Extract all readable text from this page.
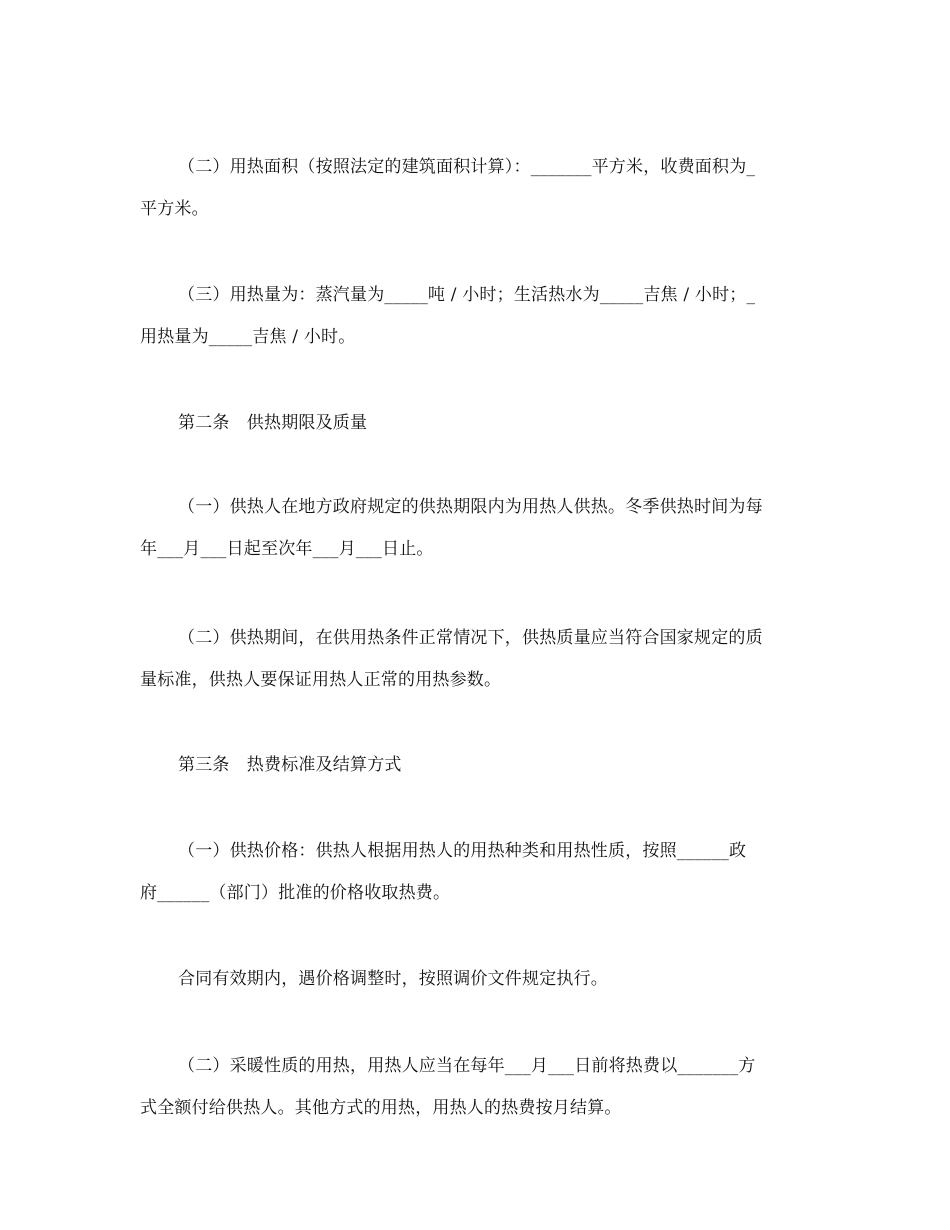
（二）用热面积（按照法定的建筑面积计算）：_______平方米，收费面积为_
平方米。
（三）用热量为：蒸汽量为_____吨 / 小时；生活热水为_____吉焦 / 小时；_
用热量为_____吉焦 / 小时。
第二条　供热期限及质量
（一）供热人在地方政府规定的供热期限内为用热人供热。冬季供热时间为每
年___月___日起至次年___月___日止。
（二）供热期间，在供用热条件正常情况下，供热质量应当符合国家规定的质
量标准，供热人要保证用热人正常的用热参数。
第三条　热费标准及结算方式
（一）供热价格：供热人根据用热人的用热种类和用热性质，按照______政
府______（部门）批准的价格收取热费。
合同有效期内，遇价格调整时，按照调价文件规定执行。
（二）采暖性质的用热，用热人应当在每年___月___日前将热费以_______方
式全额付给供热人。其他方式的用热，用热人的热费按月结算。
